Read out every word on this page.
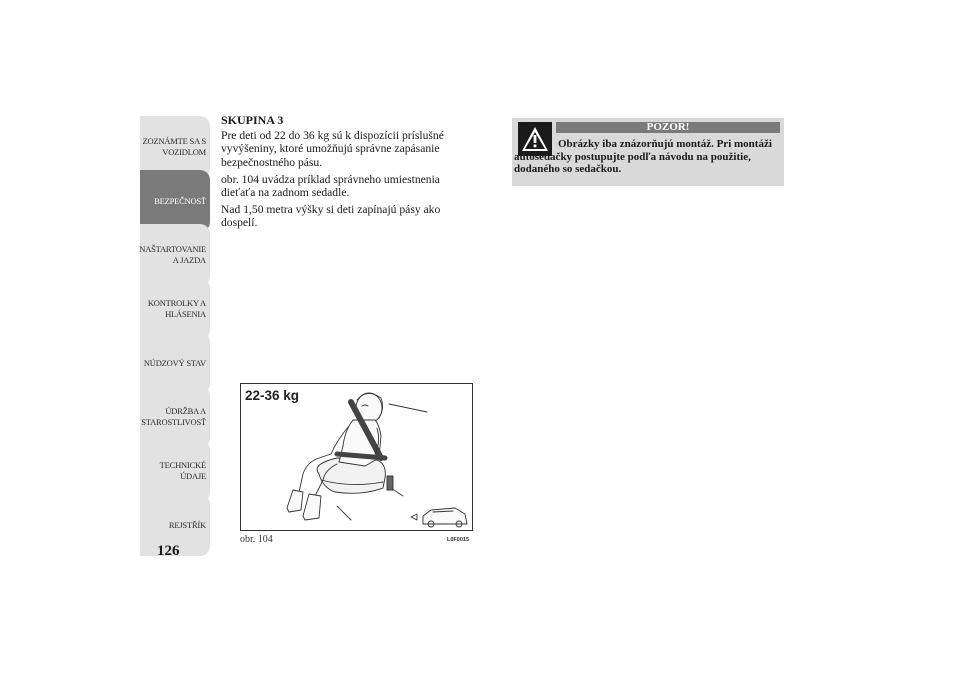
ZOZNÁMTE SA S
VOZIDLOM
BEZPEČNOSŤ
NAŠTARTOVANIE
A JAZDA
KONTROLKY A
HLÁSENIA
NÚDZOVÝ STAV
ÚDRŽBA A
STAROSTLIVOSŤ
TECHNICKÉ
ÚDAJE
REJSTŘÍK
126
SKUPINA 3

Pre deti od 22 do 36 kg sú k dispozícii príslušné vyvýšeniny, ktoré umožňujú správne zapásanie bezpečnostného pásu.

obr. 104 uvádza príklad správneho umiestnenia dieťaťa na zadnom sedadle.

Nad 1,50 metra výšky si deti zapínajú pásy ako dospelí.

22-36 kg
obr. 104	L0F0015
POZOR!
Obrázky iba znázorňujú montáž. Pri montáži autosedačky postupujte podľa návodu na použitie, dodaného so sedačkou.
